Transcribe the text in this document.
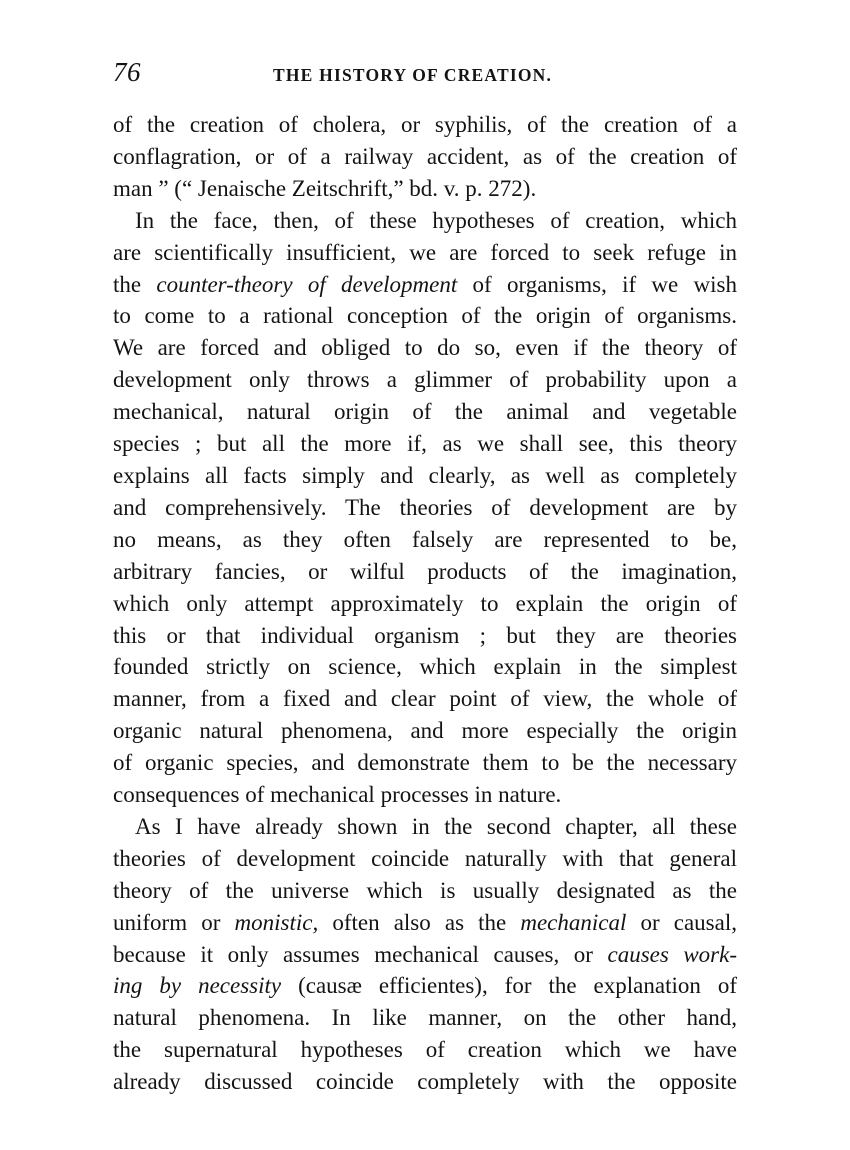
76	THE HISTORY OF CREATION.
of the creation of cholera, or syphilis, of the creation of a
conflagration, or of a railway accident, as of the creation of
man ” (“ Jenaische Zeitschrift,” bd. v. p. 272).
In the face, then, of these hypotheses of creation, which
are scientifically insufficient, we are forced to seek refuge in
the counter-theory of development of organisms, if we wish
to come to a rational conception of the origin of organisms.
We are forced and obliged to do so, even if the theory of
development only throws a glimmer of probability upon a
mechanical, natural origin of the animal and vegetable
species ; but all the more if, as we shall see, this theory
explains all facts simply and clearly, as well as completely
and comprehensively. The theories of development are by
no means, as they often falsely are represented to be,
arbitrary fancies, or wilful products of the imagination,
which only attempt approximately to explain the origin of
this or that individual organism ; but they are theories
founded strictly on science, which explain in the simplest
manner, from a fixed and clear point of view, the whole of
organic natural phenomena, and more especially the origin
of organic species, and demonstrate them to be the necessary
consequences of mechanical processes in nature.
As I have already shown in the second chapter, all these
theories of development coincide naturally with that general
theory of the universe which is usually designated as the
uniform or monistic, often also as the mechanical or causal,
because it only assumes mechanical causes, or causes work-
ing by necessity (causæ efficientes), for the explanation of
natural phenomena. In like manner, on the other hand,
the supernatural hypotheses of creation which we have
already discussed coincide completely with the opposite
